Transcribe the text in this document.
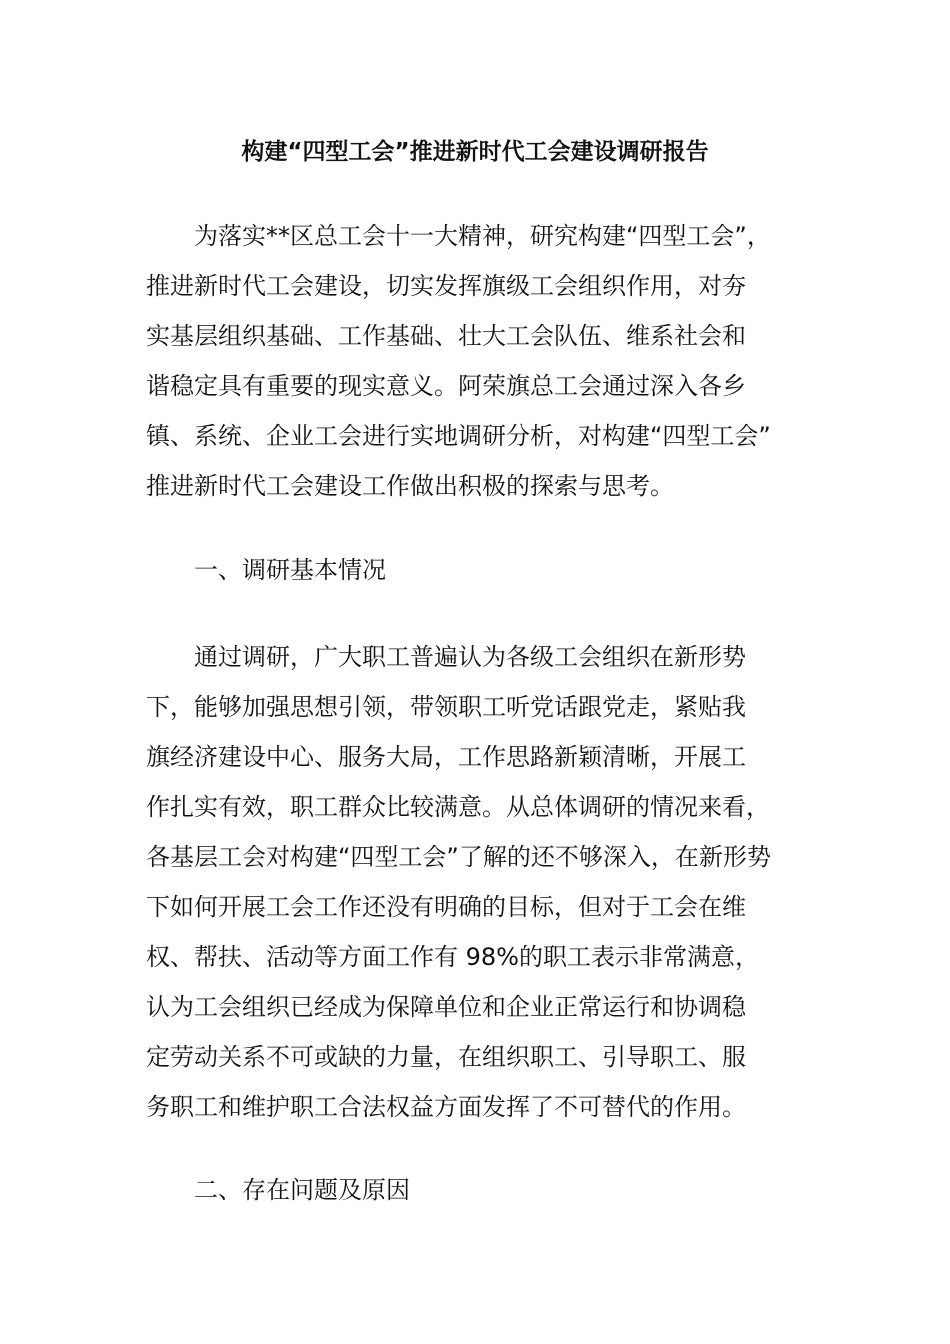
构建“四型工会”推进新时代工会建设调研报告
为落实**区总工会十一大精神，研究构建“四型工会”，
推进新时代工会建设，切实发挥旗级工会组织作用，对夯
实基层组织基础、工作基础、壮大工会队伍、维系社会和
谐稳定具有重要的现实意义。阿荣旗总工会通过深入各乡
镇、系统、企业工会进行实地调研分析，对构建“四型工会”
推进新时代工会建设工作做出积极的探索与思考。
一、调研基本情况
通过调研，广大职工普遍认为各级工会组织在新形势
下，能够加强思想引领，带领职工听党话跟党走，紧贴我
旗经济建设中心、服务大局，工作思路新颖清晰，开展工
作扎实有效，职工群众比较满意。从总体调研的情况来看，
各基层工会对构建“四型工会”了解的还不够深入，在新形势
下如何开展工会工作还没有明确的目标，但对于工会在维
权、帮扶、活动等方面工作有 98%的职工表示非常满意，
认为工会组织已经成为保障单位和企业正常运行和协调稳
定劳动关系不可或缺的力量，在组织职工、引导职工、服
务职工和维护职工合法权益方面发挥了不可替代的作用。
二、存在问题及原因
